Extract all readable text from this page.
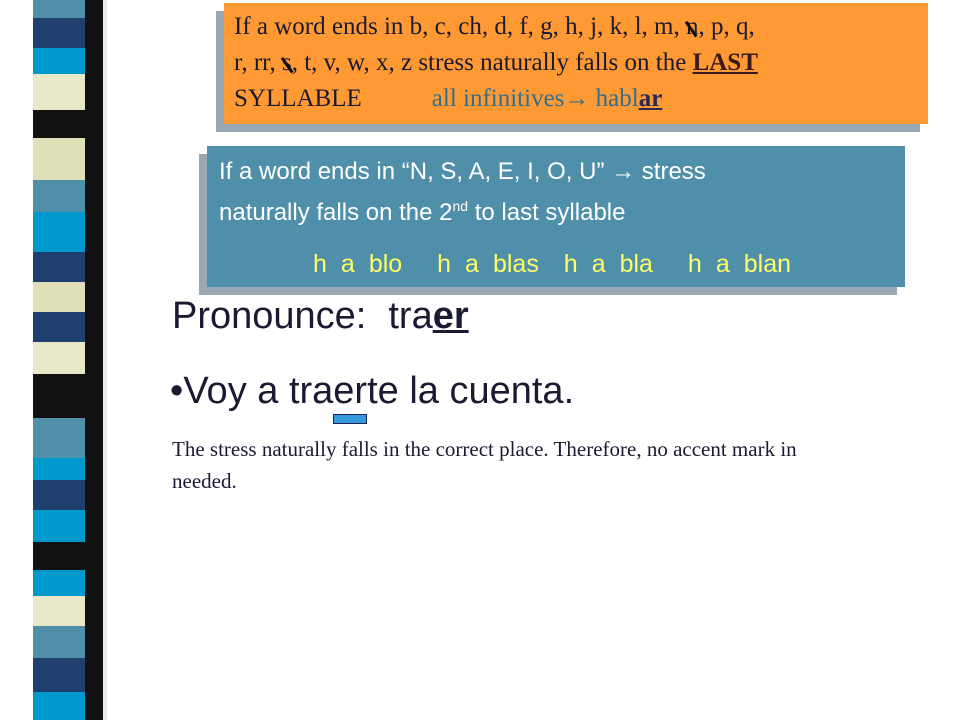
If a word ends in b, c, ch, d, f, g, h, j, k, l, m, n, p, q,
r, rr, s, t, v, w, x, z stress naturally falls on the LAST
SYLLABLE	all infinitives→ hablar
If a word ends in “N, S, A, E, I, O, U” → stress
naturally falls on the 2nd to last syllable
h a blo h a blas h a bla h a blan
Pronounce: traer
•Voy a traerte la cuenta.
The stress naturally falls in the correct place. Therefore, no accent mark in needed.
